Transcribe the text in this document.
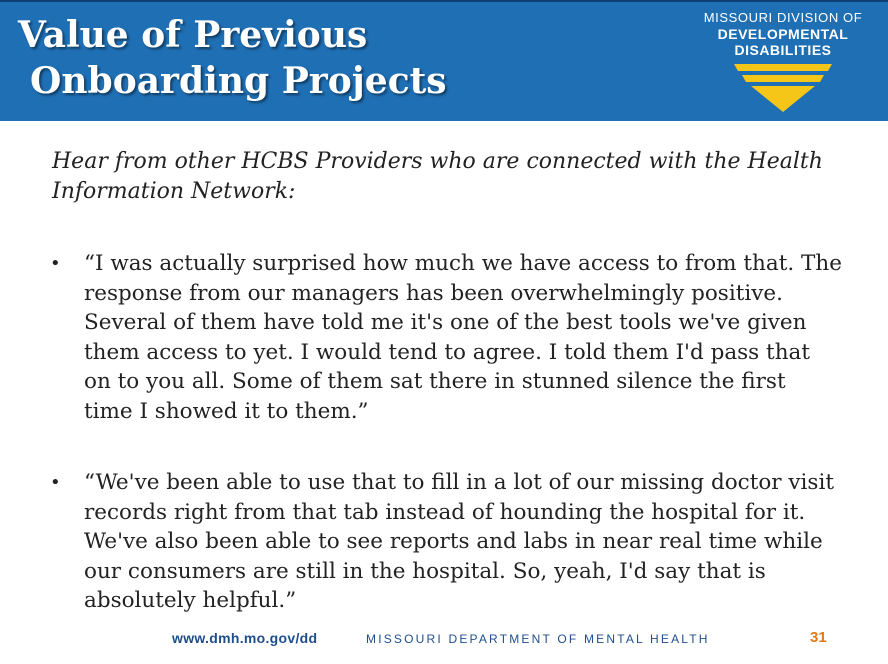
Value of Previous
Onboarding Projects
MISSOURI DIVISION OF
DEVELOPMENTAL
DISABILITIES

Hear from other HCBS Providers who are connected with the Health
Information Network:

• “I was actually surprised how much we have access to from that. The
response from our managers has been overwhelmingly positive.
Several of them have told me it's one of the best tools we've given
them access to yet. I would tend to agree. I told them I'd pass that
on to you all. Some of them sat there in stunned silence the first
time I showed it to them.”

• “We've been able to use that to fill in a lot of our missing doctor visit
records right from that tab instead of hounding the hospital for it.
We've also been able to see reports and labs in near real time while
our consumers are still in the hospital. So, yeah, I'd say that is
absolutely helpful.”

www.dmh.mo.gov/dd	MISSOURI DEPARTMENT OF MENTAL HEALTH	31
